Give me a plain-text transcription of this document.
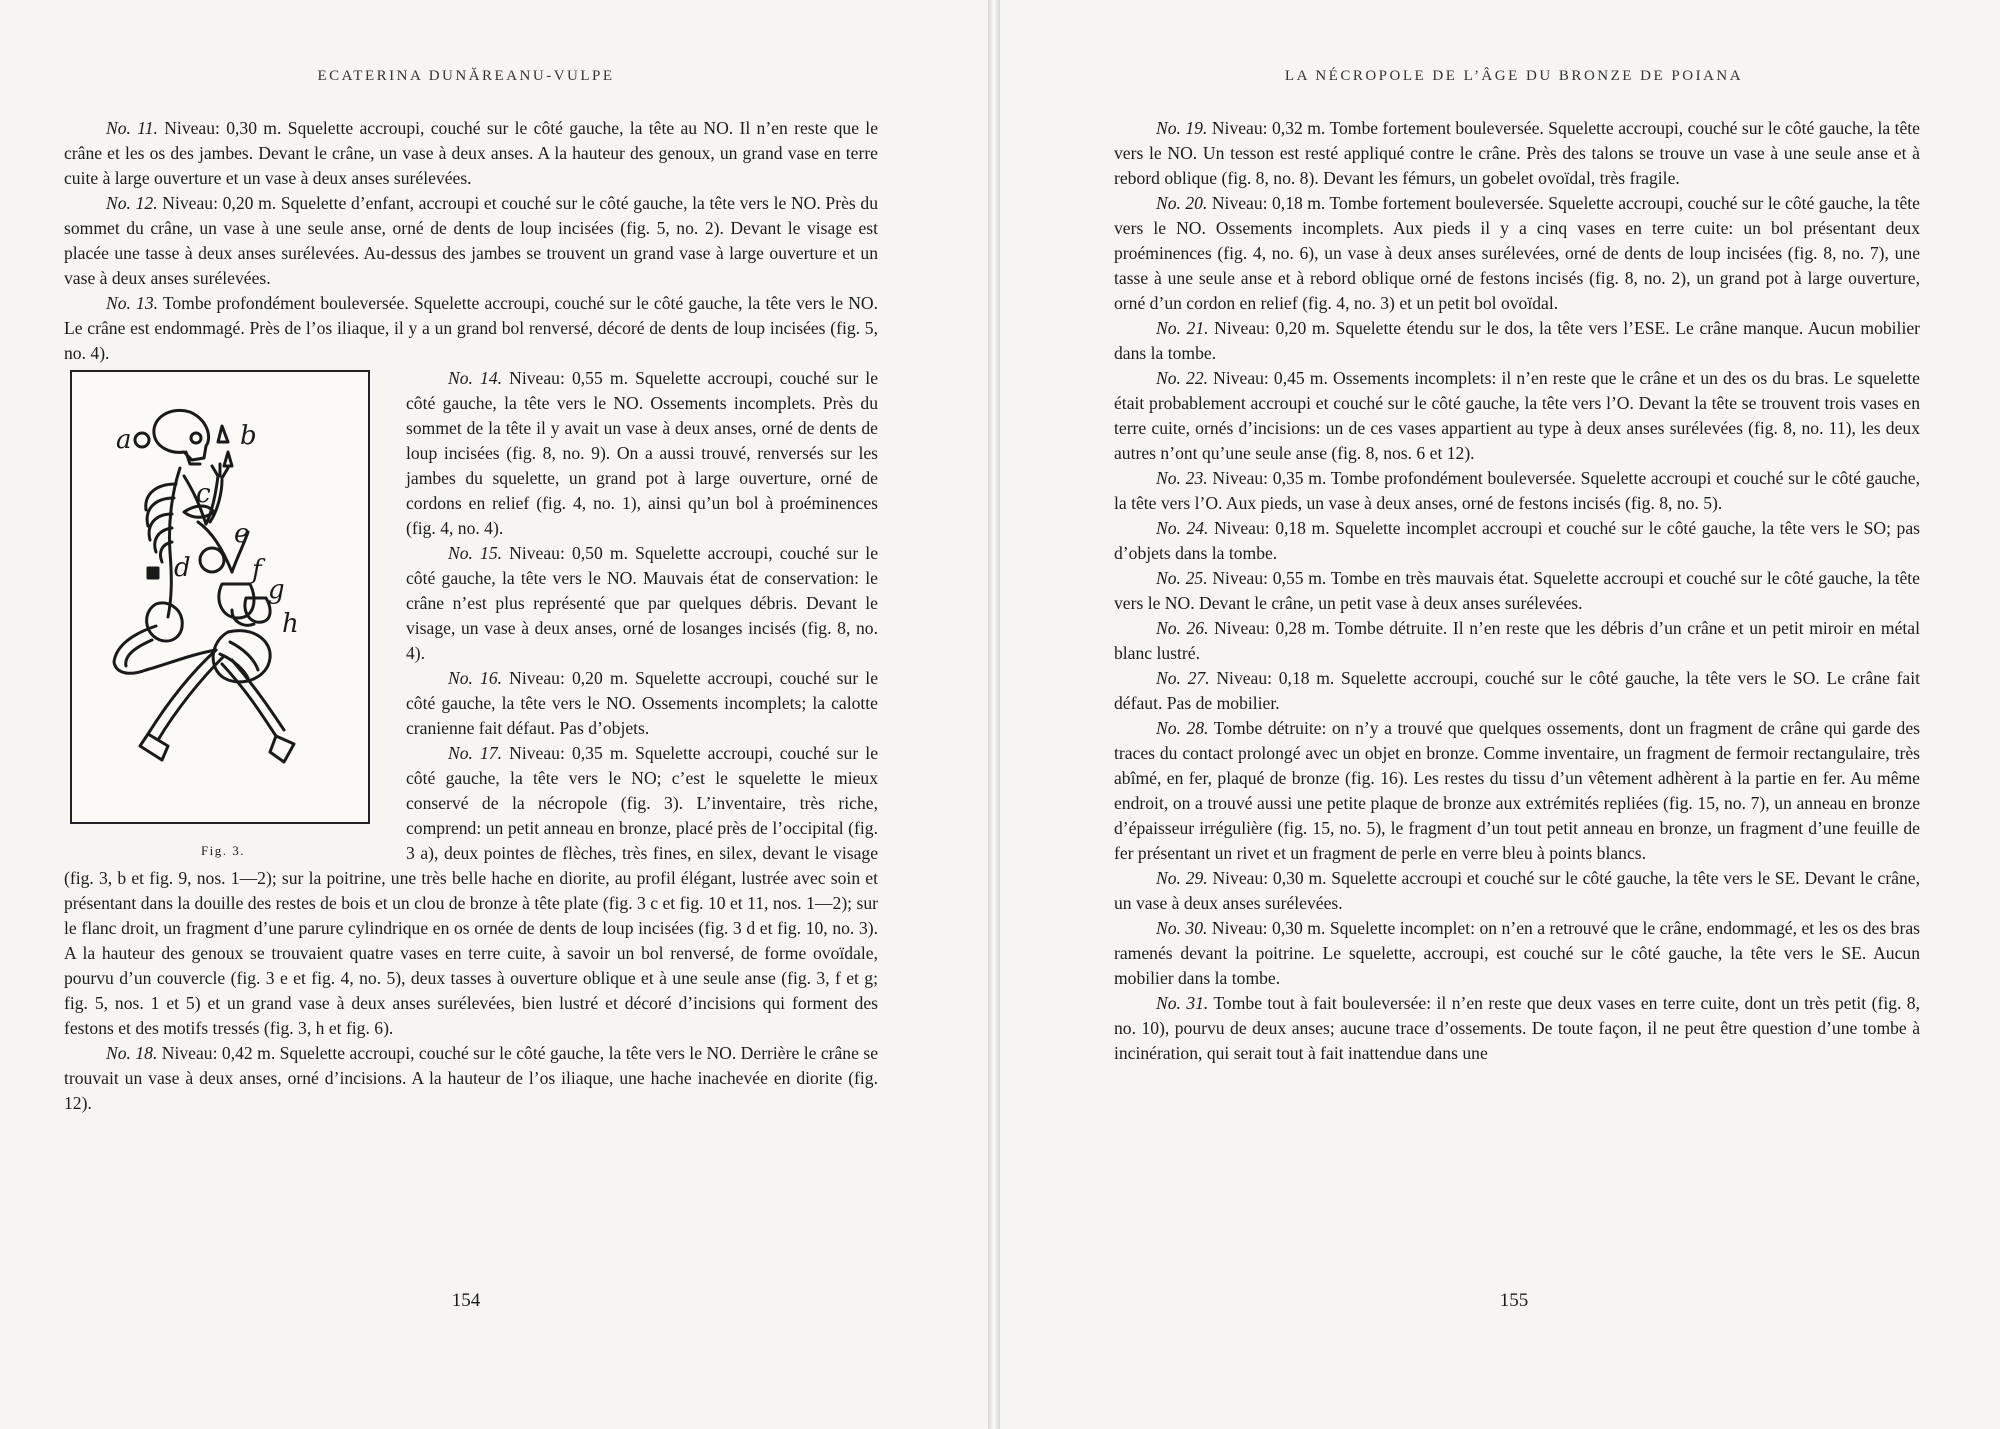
ECATERINA DUNĂREANU-VULPE

No. 11. Niveau: 0,30 m. Squelette accroupi, couché sur le côté gauche, la tête au NO. Il n’en reste que le crâne et les os des jambes. Devant le crâne, un vase à deux anses. A la hauteur des genoux, un grand vase en terre cuite à large ouverture et un vase à deux anses surélevées.

No. 12. Niveau: 0,20 m. Squelette d’enfant, accroupi et couché sur le côté gauche, la tête vers le NO. Près du sommet du crâne, un vase à une seule anse, orné de dents de loup incisées (fig. 5, no. 2). Devant le visage est placée une tasse à deux anses surélevées. Au-dessus des jambes se trouvent un grand vase à large ouverture et un vase à deux anses surélevées.

No. 13. Tombe profondément bouleversée. Squelette accroupi, couché sur le côté gauche, la tête vers le NO. Le crâne est endommagé. Près de l’os iliaque, il y a un grand bol renversé, décoré de dents de loup incisées (fig. 5, no. 4).

a	b
c
d
e
f
g
h
Fig. 3.

No. 14. Niveau: 0,55 m. Squelette accroupi, couché sur le côté gauche, la tête vers le NO. Ossements incomplets. Près du sommet de la tête il y avait un vase à deux anses, orné de dents de loup incisées (fig. 8, no. 9). On a aussi trouvé, renversés sur les jambes du squelette, un grand pot à large ouverture, orné de cordons en relief (fig. 4, no. 1), ainsi qu’un bol à proéminences (fig. 4, no. 4).

No. 15. Niveau: 0,50 m. Squelette accroupi, couché sur le côté gauche, la tête vers le NO. Mauvais état de conservation: le crâne n’est plus représenté que par quelques débris. Devant le visage, un vase à deux anses, orné de losanges incisés (fig. 8, no. 4).

No. 16. Niveau: 0,20 m. Squelette accroupi, couché sur le côté gauche, la tête vers le NO. Ossements incomplets; la calotte cranienne fait défaut. Pas d’objets.

No. 17. Niveau: 0,35 m. Squelette accroupi, couché sur le côté gauche, la tête vers le NO; c’est le squelette le mieux conservé de la nécropole (fig. 3). L’inventaire, très riche, comprend: un petit anneau en bronze, placé près de l’occipital (fig. 3 a), deux pointes de flèches, très fines, en silex, devant le visage (fig. 3, b et fig. 9, nos. 1—2); sur la poitrine, une très belle hache en diorite, au profil élégant, lustrée avec soin et présentant dans la douille des restes de bois et un clou de bronze à tête plate (fig. 3 c et fig. 10 et 11, nos. 1—2); sur le flanc droit, un fragment d’une parure cylindrique en os ornée de dents de loup incisées (fig. 3 d et fig. 10, no. 3). A la hauteur des genoux se trouvaient quatre vases en terre cuite, à savoir un bol renversé, de forme ovoïdale, pourvu d’un couvercle (fig. 3 e et fig. 4, no. 5), deux tasses à ouverture oblique et à une seule anse (fig. 3, f et g; fig. 5, nos. 1 et 5) et un grand vase à deux anses surélevées, bien lustré et décoré d’incisions qui forment des festons et des motifs tressés (fig. 3, h et fig. 6).

No. 18. Niveau: 0,42 m. Squelette accroupi, couché sur le côté gauche, la tête vers le NO. Derrière le crâne se trouvait un vase à deux anses, orné d’incisions. A la hauteur de l’os iliaque, une hache inachevée en diorite (fig. 12).

154
LA NÉCROPOLE DE L’ÂGE DU BRONZE DE POIANA

No. 19. Niveau: 0,32 m. Tombe fortement bouleversée. Squelette accroupi, couché sur le côté gauche, la tête vers le NO. Un tesson est resté appliqué contre le crâne. Près des talons se trouve un vase à une seule anse et à rebord oblique (fig. 8, no. 8). Devant les fémurs, un gobelet ovoïdal, très fragile.

No. 20. Niveau: 0,18 m. Tombe fortement bouleversée. Squelette accroupi, couché sur le côté gauche, la tête vers le NO. Ossements incomplets. Aux pieds il y a cinq vases en terre cuite: un bol présentant deux proéminences (fig. 4, no. 6), un vase à deux anses surélevées, orné de dents de loup incisées (fig. 8, no. 7), une tasse à une seule anse et à rebord oblique orné de festons incisés (fig. 8, no. 2), un grand pot à large ouverture, orné d’un cordon en relief (fig. 4, no. 3) et un petit bol ovoïdal.

No. 21. Niveau: 0,20 m. Squelette étendu sur le dos, la tête vers l’ESE. Le crâne manque. Aucun mobilier dans la tombe.

No. 22. Niveau: 0,45 m. Ossements incomplets: il n’en reste que le crâne et un des os du bras. Le squelette était probablement accroupi et couché sur le côté gauche, la tête vers l’O. Devant la tête se trouvent trois vases en terre cuite, ornés d’incisions: un de ces vases appartient au type à deux anses surélevées (fig. 8, no. 11), les deux autres n’ont qu’une seule anse (fig. 8, nos. 6 et 12).

No. 23. Niveau: 0,35 m. Tombe profondément bouleversée. Squelette accroupi et couché sur le côté gauche, la tête vers l’O. Aux pieds, un vase à deux anses, orné de festons incisés (fig. 8, no. 5).

No. 24. Niveau: 0,18 m. Squelette incomplet accroupi et couché sur le côté gauche, la tête vers le SO; pas d’objets dans la tombe.

No. 25. Niveau: 0,55 m. Tombe en très mauvais état. Squelette accroupi et couché sur le côté gauche, la tête vers le NO. Devant le crâne, un petit vase à deux anses surélevées.

No. 26. Niveau: 0,28 m. Tombe détruite. Il n’en reste que les débris d’un crâne et un petit miroir en métal blanc lustré.

No. 27. Niveau: 0,18 m. Squelette accroupi, couché sur le côté gauche, la tête vers le SO. Le crâne fait défaut. Pas de mobilier.

No. 28. Tombe détruite: on n’y a trouvé que quelques ossements, dont un fragment de crâne qui garde des traces du contact prolongé avec un objet en bronze. Comme inventaire, un fragment de fermoir rectangulaire, très abîmé, en fer, plaqué de bronze (fig. 16). Les restes du tissu d’un vêtement adhèrent à la partie en fer. Au même endroit, on a trouvé aussi une petite plaque de bronze aux extrémités repliées (fig. 15, no. 7), un anneau en bronze d’épaisseur irrégulière (fig. 15, no. 5), le fragment d’un tout petit anneau en bronze, un fragment d’une feuille de fer présentant un rivet et un fragment de perle en verre bleu à points blancs.

No. 29. Niveau: 0,30 m. Squelette accroupi et couché sur le côté gauche, la tête vers le SE. Devant le crâne, un vase à deux anses surélevées.

No. 30. Niveau: 0,30 m. Squelette incomplet: on n’en a retrouvé que le crâne, endommagé, et les os des bras ramenés devant la poitrine. Le squelette, accroupi, est couché sur le côté gauche, la tête vers le SE. Aucun mobilier dans la tombe.

No. 31. Tombe tout à fait bouleversée: il n’en reste que deux vases en terre cuite, dont un très petit (fig. 8, no. 10), pourvu de deux anses; aucune trace d’ossements. De toute façon, il ne peut être question d’une tombe à incinération, qui serait tout à fait inattendue dans une

155
